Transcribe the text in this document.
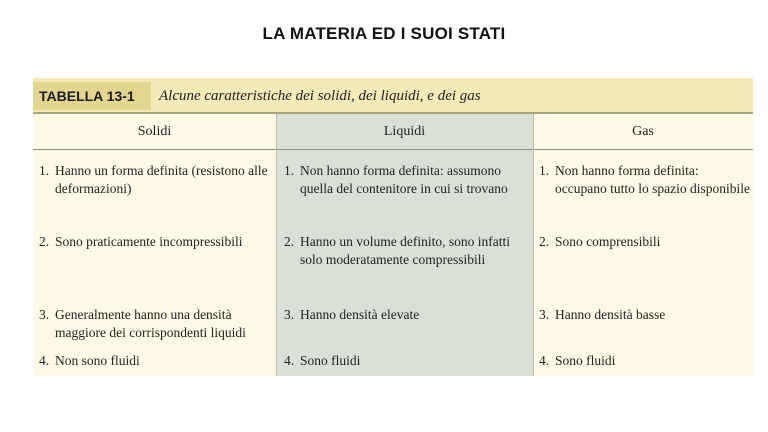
LA MATERIA ED I SUOI STATI
TABELLA 13-1	Alcune caratteristiche dei solidi, dei liquidi, e dei gas
Solidi
1. Hanno un forma definita (resistono alle deformazioni)
2. Sono praticamente incompressibili
3. Generalmente hanno una densità maggiore dei corrispondenti liquidi
4. Non sono fluidi
Liquidi
1. Non hanno forma definita: assumono quella del contenitore in cui si trovano
2. Hanno un volume definito, sono infatti solo moderatamente compressibili
3. Hanno densità elevate
4. Sono fluidi
Gas
1. Non hanno forma definita: occupano tutto lo spazio disponibile
2. Sono comprensibili
3. Hanno densità basse
4. Sono fluidi
